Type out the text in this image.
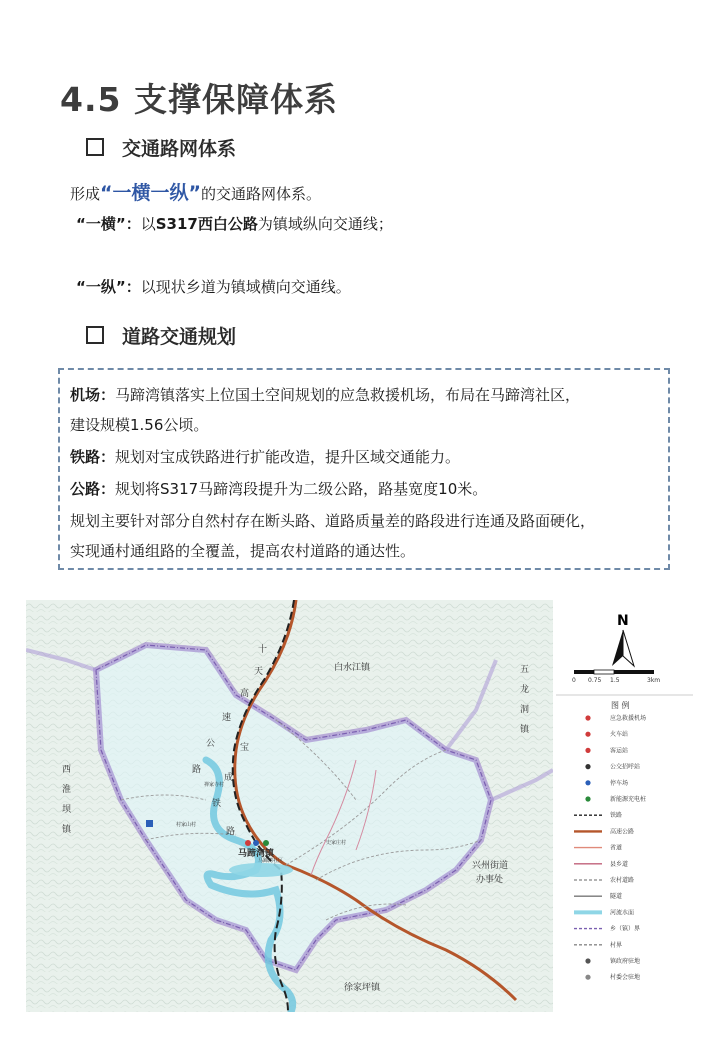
4.5 支撑保障体系
交通路网体系
形成“一横一纵”的交通路网体系。
“一横”：以S317西白公路为镇域纵向交通线；
“一纵”：以现状乡道为镇域横向交通线。
道路交通规划
机场：马蹄湾镇落实上位国土空间规划的应急救援机场，布局在马蹄湾社区，
建设规模1.56公顷。
铁路：规划对宝成铁路进行扩能改造，提升区域交通能力。
公路：规划将S317马蹄湾段提升为二级公路，路基宽度10米。
规划主要针对部分自然村存在断头路、道路质量差的路段进行连通及路面硬化，
实现通村通组路的全覆盖，提高农村道路的通达性。
白水江镇	五
龙
洞
镇
西
淮
坝
镇
兴州街道
办事处
徐家坪镇
马蹄湾镇
马蹄湾社区
史家庄村
村家山村
禅家寺村
十
天
高
速
公
路
宝
成
铁
路
N
0 0.75 1.5	3km
图 例
应急救援机场
火车站
客运站
公交招呼站
停车场
新能源充电桩
铁路
高速公路
省道
县乡道
农村道路
隧道
河流水面
乡（镇）界
村界
镇政府驻地
村委会驻地
